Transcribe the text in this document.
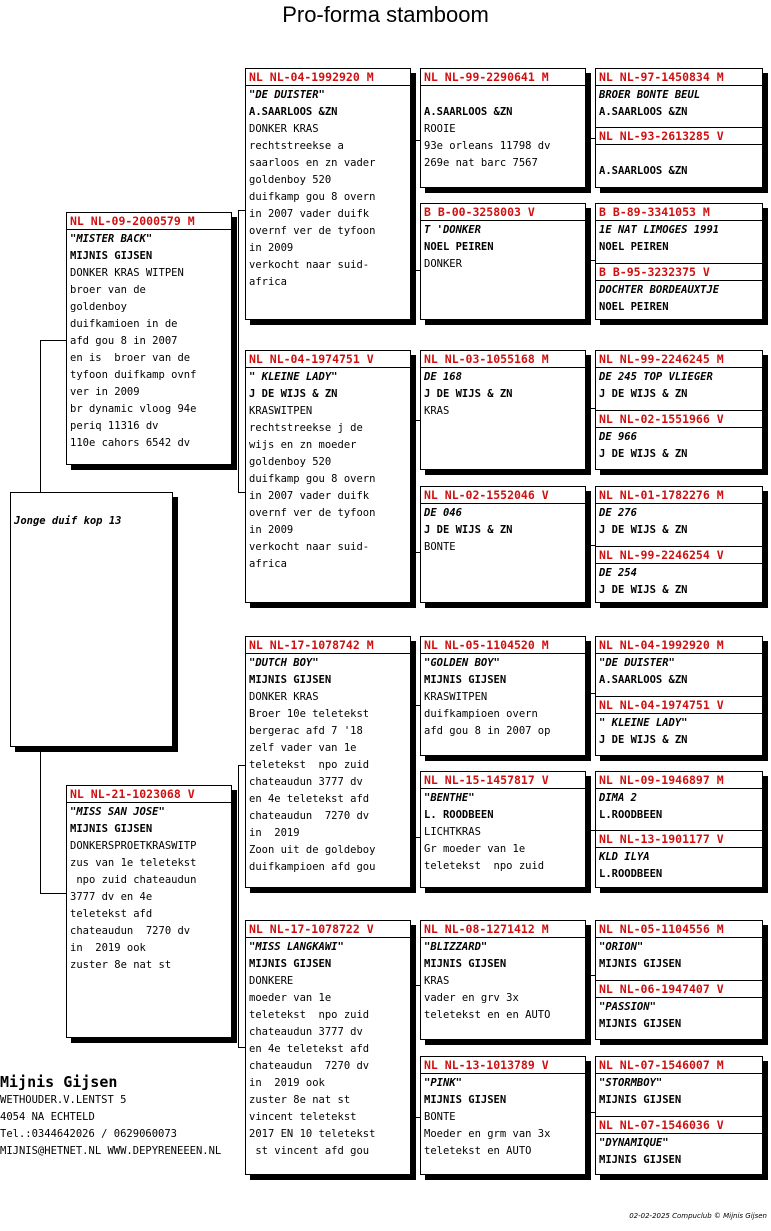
Pro-forma stamboom
Jonge duif kop 13
NL NL-09-2000579 M
"MISTER BACK"
MIJNIS GIJSEN
DONKER KRAS WITPEN
broer van de
goldenboy
duifkamioen in de
afd gou 8 in 2007
en is  broer van de
tyfoon duifkamp ovnf
ver in 2009
br dynamic vloog 94e
periq 11316 dv
110e cahors 6542 dv
NL NL-21-1023068 V
"MISS SAN JOSE"
MIJNIS GIJSEN
DONKERSPROETKRASWITP
zus van 1e teletekst
npo zuid chateaudun
3777 dv en 4e
teletekst afd
chateaudun  7270 dv
in  2019 ook
zuster 8e nat st
NL NL-04-1992920 M
"DE DUISTER"
A.SAARLOOS &ZN
DONKER KRAS
rechtstreekse a
saarloos en zn vader
goldenboy 520
duifkamp gou 8 overn
in 2007 vader duifk
overnf ver de tyfoon
in 2009
verkocht naar suid-
africa
NL NL-04-1974751 V
" KLEINE LADY"
J DE WIJS & ZN
KRASWITPEN
rechtstreekse j de
wijs en zn moeder
goldenboy 520
duifkamp gou 8 overn
in 2007 vader duifk
overnf ver de tyfoon
in 2009
verkocht naar suid-
africa
NL NL-17-1078742 M
"DUTCH BOY"
MIJNIS GIJSEN
DONKER KRAS
Broer 10e teletekst
bergerac afd 7 '18
zelf vader van 1e
teletekst  npo zuid
chateaudun 3777 dv
en 4e teletekst afd
chateaudun  7270 dv
in  2019
Zoon uit de goldeboy
duifkampioen afd gou
NL NL-17-1078722 V
"MISS LANGKAWI"
MIJNIS GIJSEN
DONKERE
moeder van 1e
teletekst  npo zuid
chateaudun 3777 dv
en 4e teletekst afd
chateaudun  7270 dv
in  2019 ook
zuster 8e nat st
vincent teletekst
2017 EN 10 teletekst
st vincent afd gou
NL NL-99-2290641 M
A.SAARLOOS &ZN
ROOIE
93e orleans 11798 dv
269e nat barc 7567
B B-00-3258003 V
T 'DONKER
NOEL PEIREN
DONKER
NL NL-03-1055168 M
DE 168
J DE WIJS & ZN
KRAS
NL NL-02-1552046 V
DE 046
J DE WIJS & ZN
BONTE
NL NL-05-1104520 M
"GOLDEN BOY"
MIJNIS GIJSEN
KRASWITPEN
duifkampioen overn
afd gou 8 in 2007 op
NL NL-15-1457817 V
"BENTHE"
L. ROODBEEN
LICHTKRAS
Gr moeder van 1e
teletekst  npo zuid
NL NL-08-1271412 M
"BLIZZARD"
MIJNIS GIJSEN
KRAS
vader en grv 3x
teletekst en en AUTO
NL NL-13-1013789 V
"PINK"
MIJNIS GIJSEN
BONTE
Moeder en grm van 3x
teletekst en AUTO
NL NL-97-1450834 M
BROER BONTE BEUL
A.SAARLOOS &ZN
NL NL-93-2613285 V
A.SAARLOOS &ZN
B B-89-3341053 M
1E NAT LIMOGES 1991
NOEL PEIREN
B B-95-3232375 V
DOCHTER BORDEAUXTJE
NOEL PEIREN
NL NL-99-2246245 M
DE 245 TOP VLIEGER
J DE WIJS & ZN
NL NL-02-1551966 V
DE 966
J DE WIJS & ZN
NL NL-01-1782276 M
DE 276
J DE WIJS & ZN
NL NL-99-2246254 V
DE 254
J DE WIJS & ZN
NL NL-04-1992920 M
"DE DUISTER"
A.SAARLOOS &ZN
NL NL-04-1974751 V
" KLEINE LADY"
J DE WIJS & ZN
NL NL-09-1946897 M
DIMA 2
L.ROODBEEN
NL NL-13-1901177 V
KLD ILYA
L.ROODBEEN
NL NL-05-1104556 M
"ORION"
MIJNIS GIJSEN
NL NL-06-1947407 V
"PASSION"
MIJNIS GIJSEN
NL NL-07-1546007 M
"STORMBOY"
MIJNIS GIJSEN
NL NL-07-1546036 V
"DYNAMIQUE"
MIJNIS GIJSEN
Mijnis Gijsen
WETHOUDER.V.LENTST 5
4054 NA ECHTELD
Tel.:0344642026 / 0629060073
MIJNIS@HETNET.NL WWW.DEPYRENEEEN.NL
02-02-2025 Compuclub © Mijnis Gijsen
